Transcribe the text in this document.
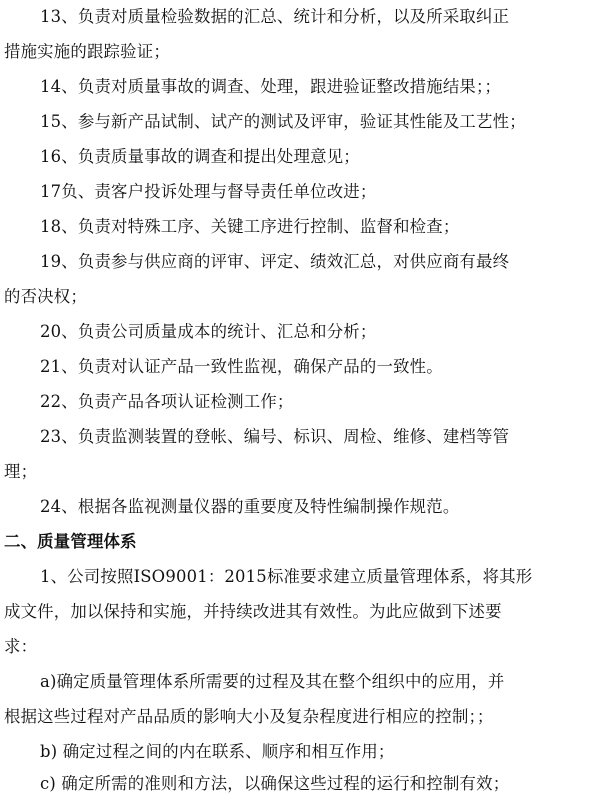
13、负责对质量检验数据的汇总、统计和分析，以及所采取纠正
措施实施的跟踪验证；
14、负责对质量事故的调查、处理，跟进验证整改措施结果；；
15、参与新产品试制、试产的测试及评审，验证其性能及工艺性；
16、负责质量事故的调查和提出处理意见；
17负、责客户投诉处理与督导责任单位改进；
18、负责对特殊工序、关键工序进行控制、监督和检查；
19、负责参与供应商的评审、评定、绩效汇总，对供应商有最终
的否决权；
20、负责公司质量成本的统计、汇总和分析；
21、负责对认证产品一致性监视，确保产品的一致性。
22、负责产品各项认证检测工作；
23、负责监测装置的登帐、编号、标识、周检、维修、建档等管
理；
24、根据各监视测量仪器的重要度及特性编制操作规范。
二、质量管理体系
1、公司按照ISO9001：2015标准要求建立质量管理体系，将其形
成文件，加以保持和实施，并持续改进其有效性。为此应做到下述要
求：
a)确定质量管理体系所需要的过程及其在整个组织中的应用，并
根据这些过程对产品品质的影响大小及复杂程度进行相应的控制；；
b) 确定过程之间的内在联系、顺序和相互作用；
c) 确定所需的准则和方法，以确保这些过程的运行和控制有效；
